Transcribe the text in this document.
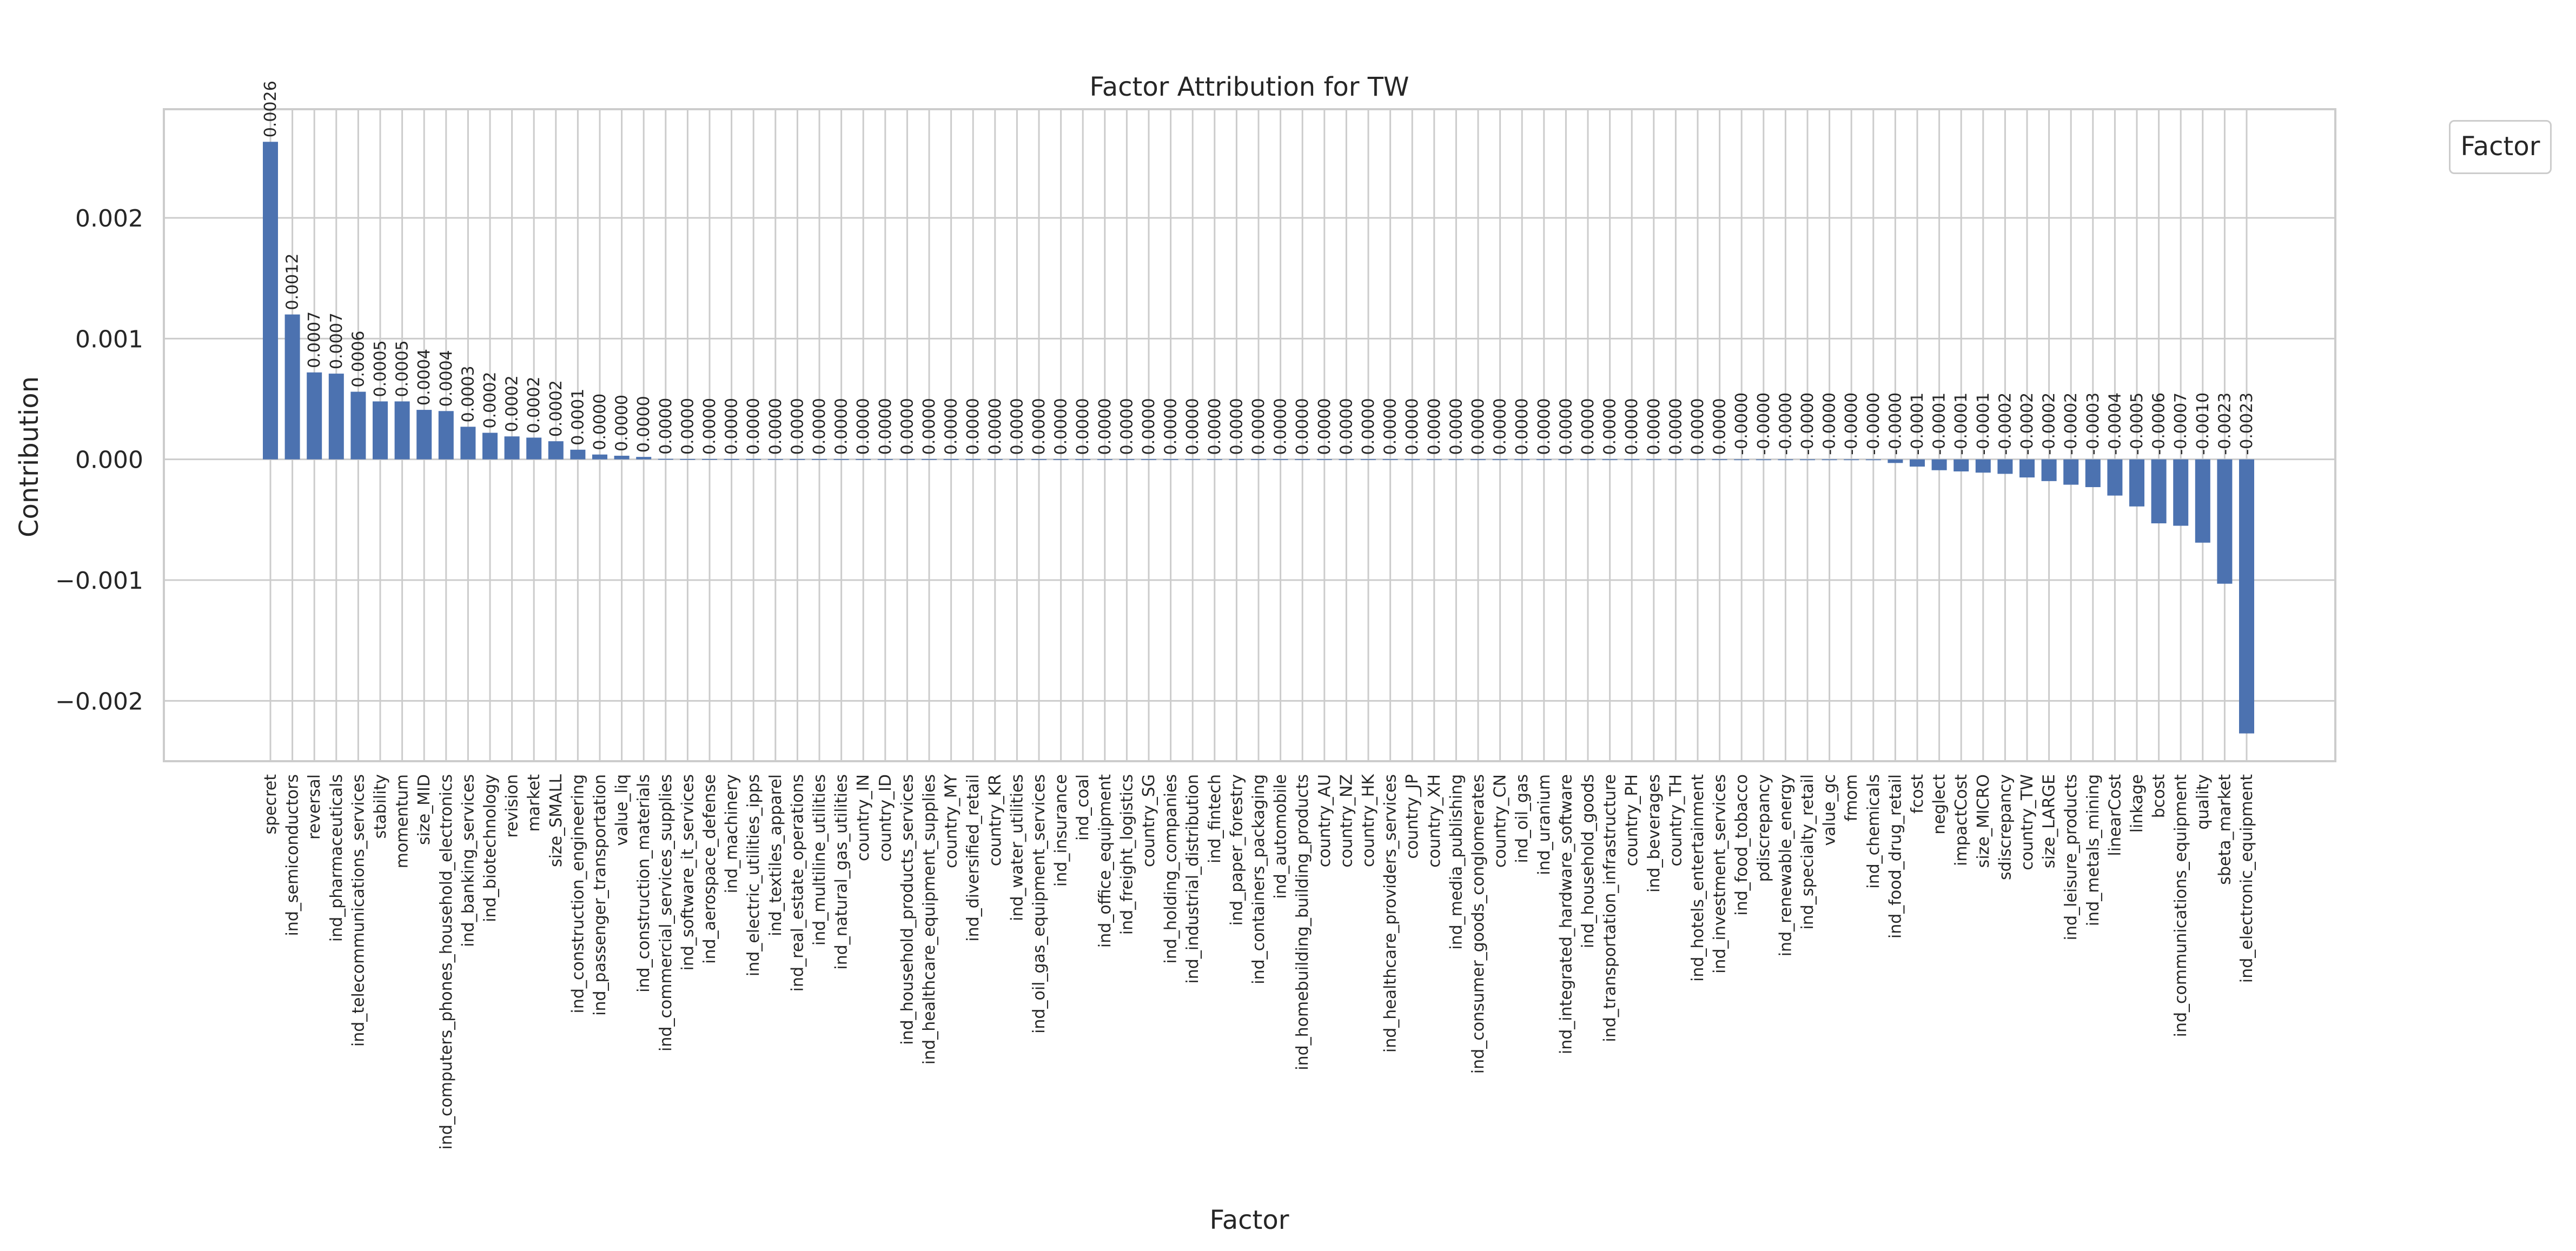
−0.002
−0.001
0.000
0.001
0.002
specret ind_semiconductors reversal ind_pharmaceuticals ind_telecommunications_services stability momentum size_MID ind_computers_phones_household_electronics ind_banking_services ind_biotechnology revision market size_SMALL ind_construction_engineering ind_passenger_transportation value_liq ind_construction_materials ind_commercial_services_supplies ind_software_it_services ind_aerospace_defense ind_machinery ind_electric_utilities_ipps ind_textiles_apparel ind_real_estate_operations ind_multiline_utilities ind_natural_gas_utilities country_IN country_ID ind_household_products_services ind_healthcare_equipment_supplies country_MY ind_diversified_retail country_KR ind_water_utilities ind_oil_gas_equipment_services ind_insurance ind_coal ind_office_equipment ind_freight_logistics country_SG ind_holding_companies ind_industrial_distribution ind_fintech ind_paper_forestry ind_containers_packaging ind_automobile ind_homebuilding_building_products country_AU country_NZ country_HK ind_healthcare_providers_services country_JP country_XH ind_media_publishing ind_consumer_goods_conglomerates country_CN ind_oil_gas ind_uranium ind_integrated_hardware_software ind_household_goods ind_transportation_infrastructure country_PH ind_beverages country_TH ind_hotels_entertainment ind_investment_services ind_food_tobacco pdiscrepancy ind_renewable_energy ind_specialty_retail value_gc fmom ind_chemicals ind_food_drug_retail fcost neglect impactCost size_MICRO sdiscrepancy country_TW size_LARGE ind_leisure_products ind_metals_mining linearCost linkage bcost ind_communications_equipment quality sbeta_market ind_electronic_equipment
0.0026
0.0012
0.0007 0.0007 0.0006 0.0005 0.0005 0.0004 0.0004 0.0003 0.0002 0.0002 0.0002 0.0002 0.0001 0.0000 0.0000 0.0000 0.0000 0.0000 0.0000 0.0000 0.0000 0.0000 0.0000 0.0000 0.0000 0.0000 0.0000 0.0000 0.0000 0.0000 0.0000 0.0000 0.0000 0.0000 0.0000 0.0000 0.0000 0.0000 0.0000 0.0000 0.0000 0.0000 0.0000 0.0000 0.0000 0.0000 0.0000 0.0000 0.0000 0.0000 0.0000 0.0000 0.0000 0.0000 0.0000 0.0000 0.0000 0.0000 0.0000 0.0000 0.0000 0.0000 0.0000 0.0000 0.0000 -0.0000 -0.0000 -0.0000 -0.0000 -0.0000 -0.0000 -0.0000 -0.0000 -0.0001 -0.0001 -0.0001 -0.0001 -0.0002 -0.0002 -0.0002 -0.0002 -0.0003 -0.0004 -0.0005 -0.0006 -0.0007 -0.0010 -0.0023 -0.0023
Factor Attribution for TW
Factor
Contribution
Factor
